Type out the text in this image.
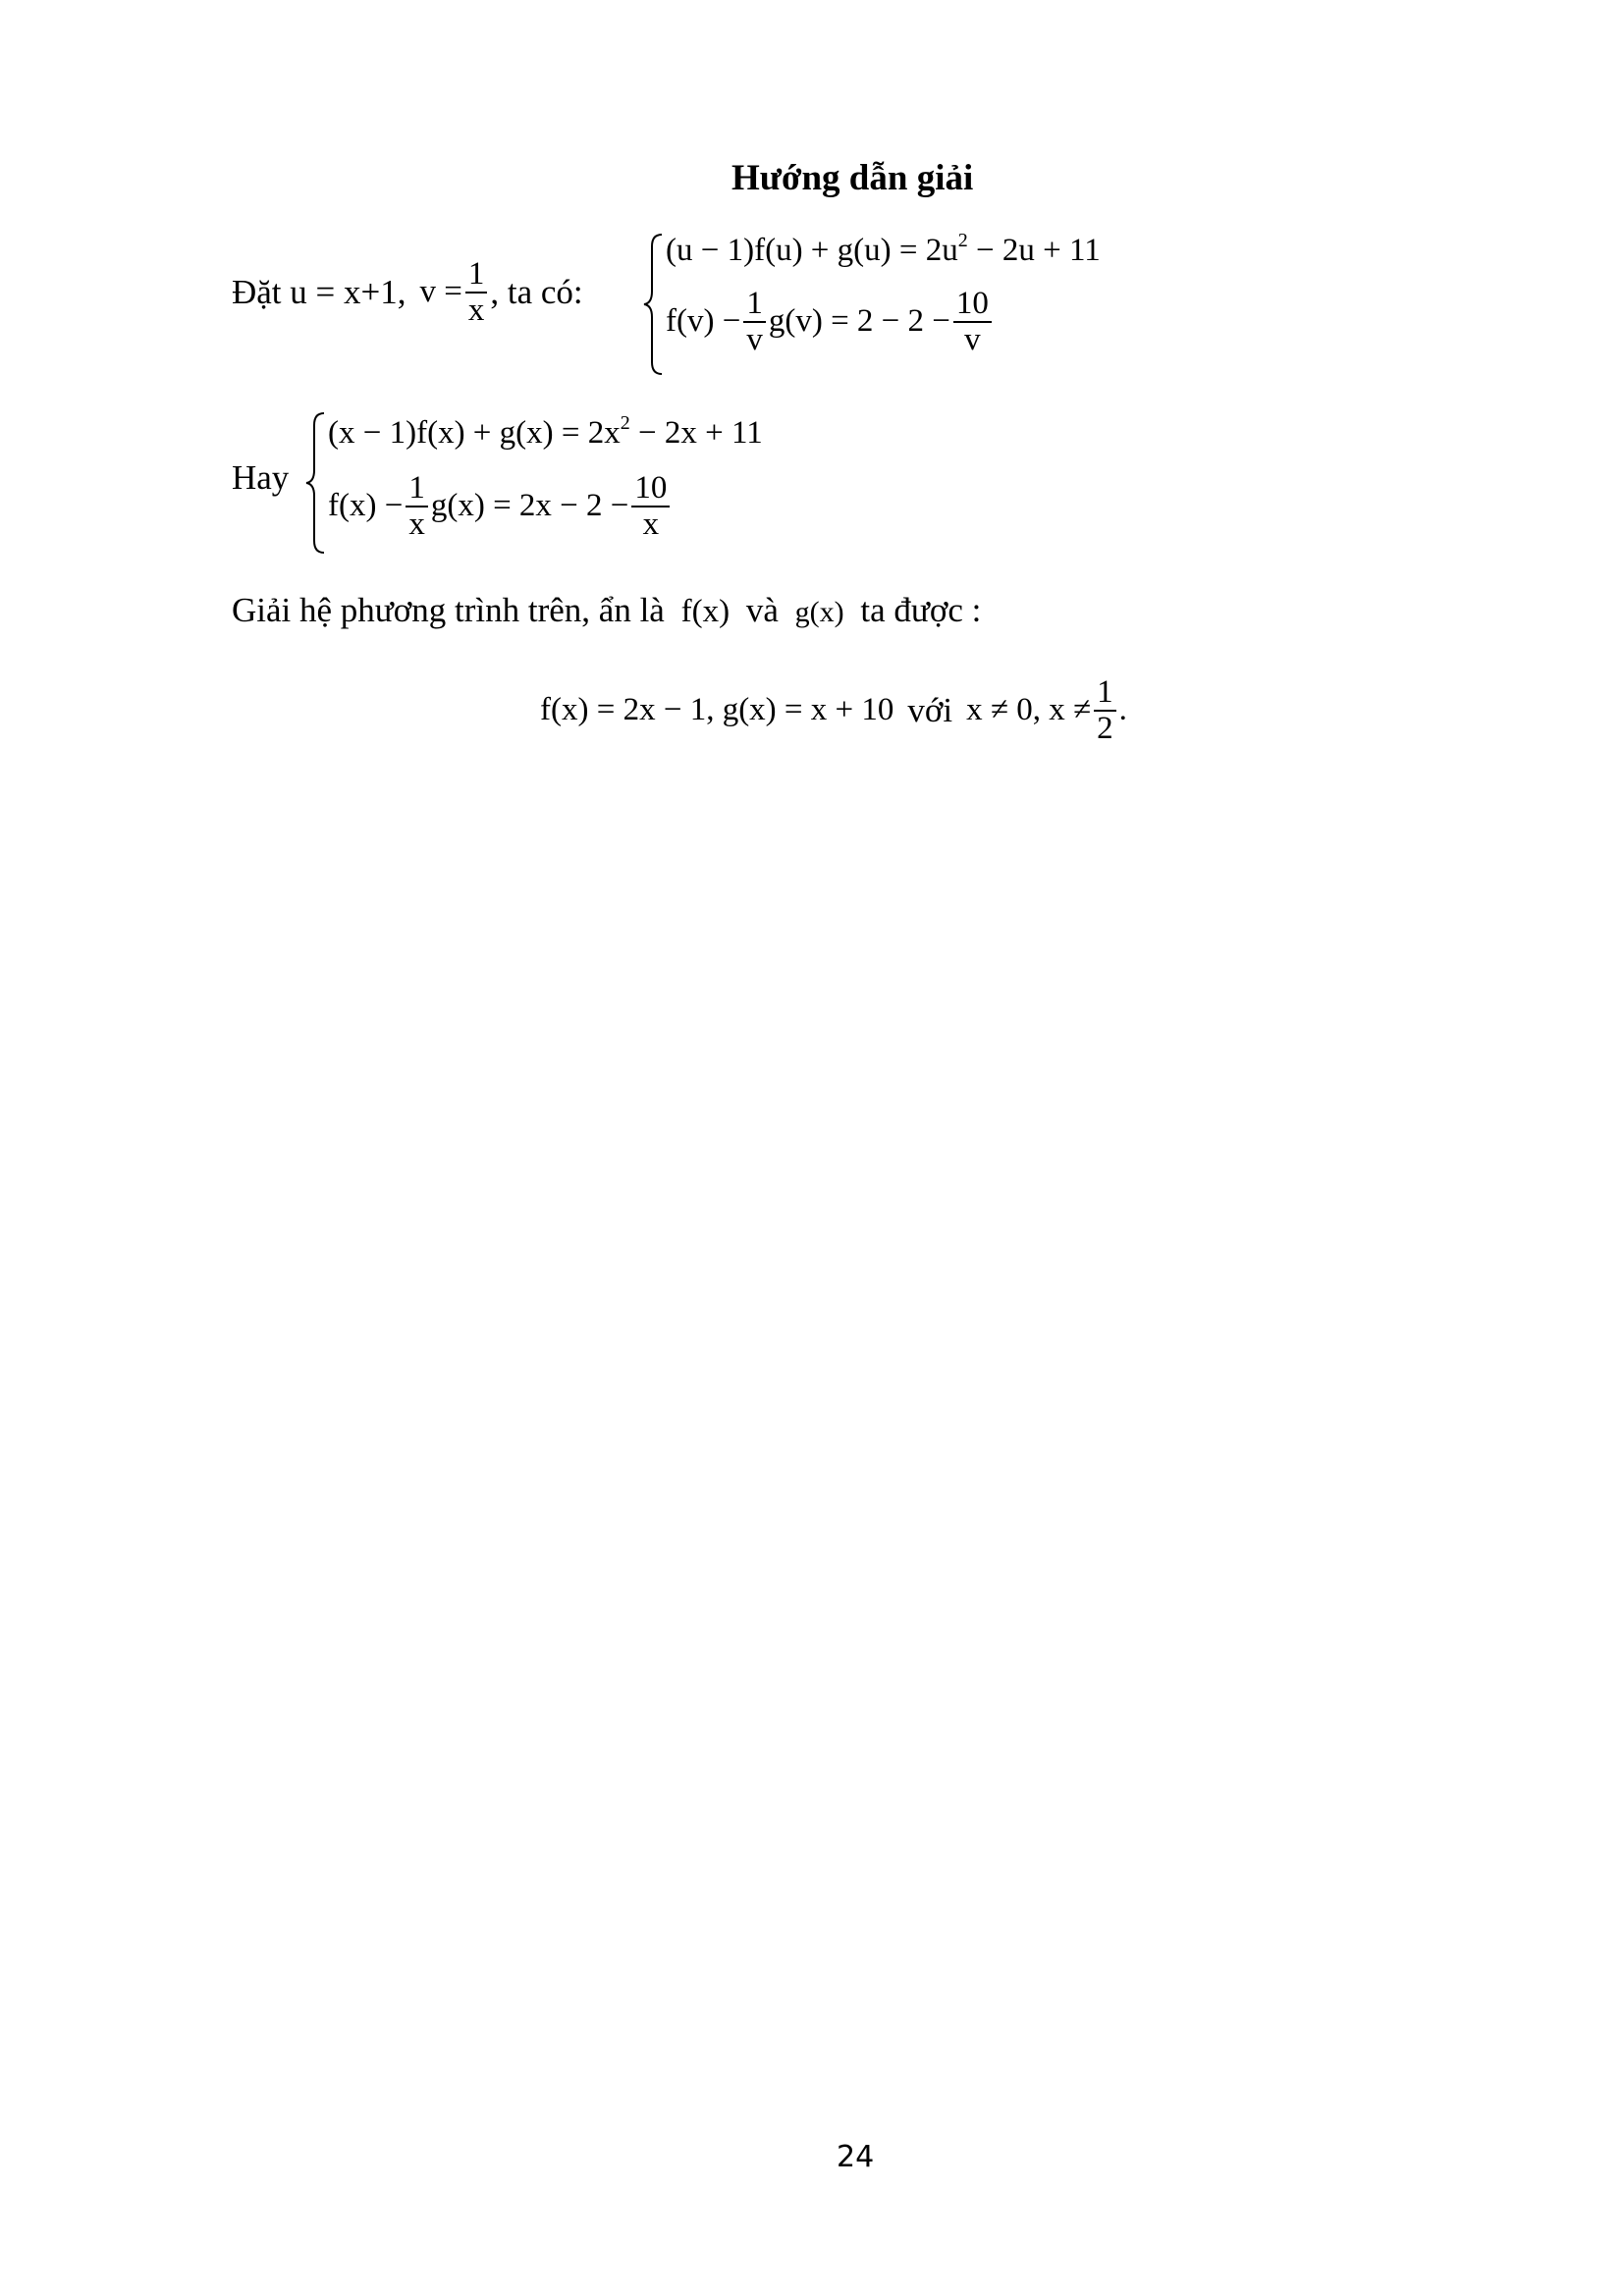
Hướng dẫn giải
Đặt u = x+1, $v = \frac{1}{x}$ , ta có:
$(u - 1)f(u) + g(u) = 2u^2 - 2u + 11$
$f(v) - \frac{1}{v} g(v) = 2 - 2 - \frac{10}{v}$
Hay
$(x - 1)f(x) + g(x) = 2x^2 - 2x + 11$
$f(x) - \frac{1}{x} g(x) = 2x - 2 - \frac{10}{x}$
Giải hệ phương trình trên, ẩn là f(x) và g(x) ta được :
f(x) = 2x − 1, g(x) = x + 10 với x ≠ 0, $x \ne \frac{1}{2}$ .
24
